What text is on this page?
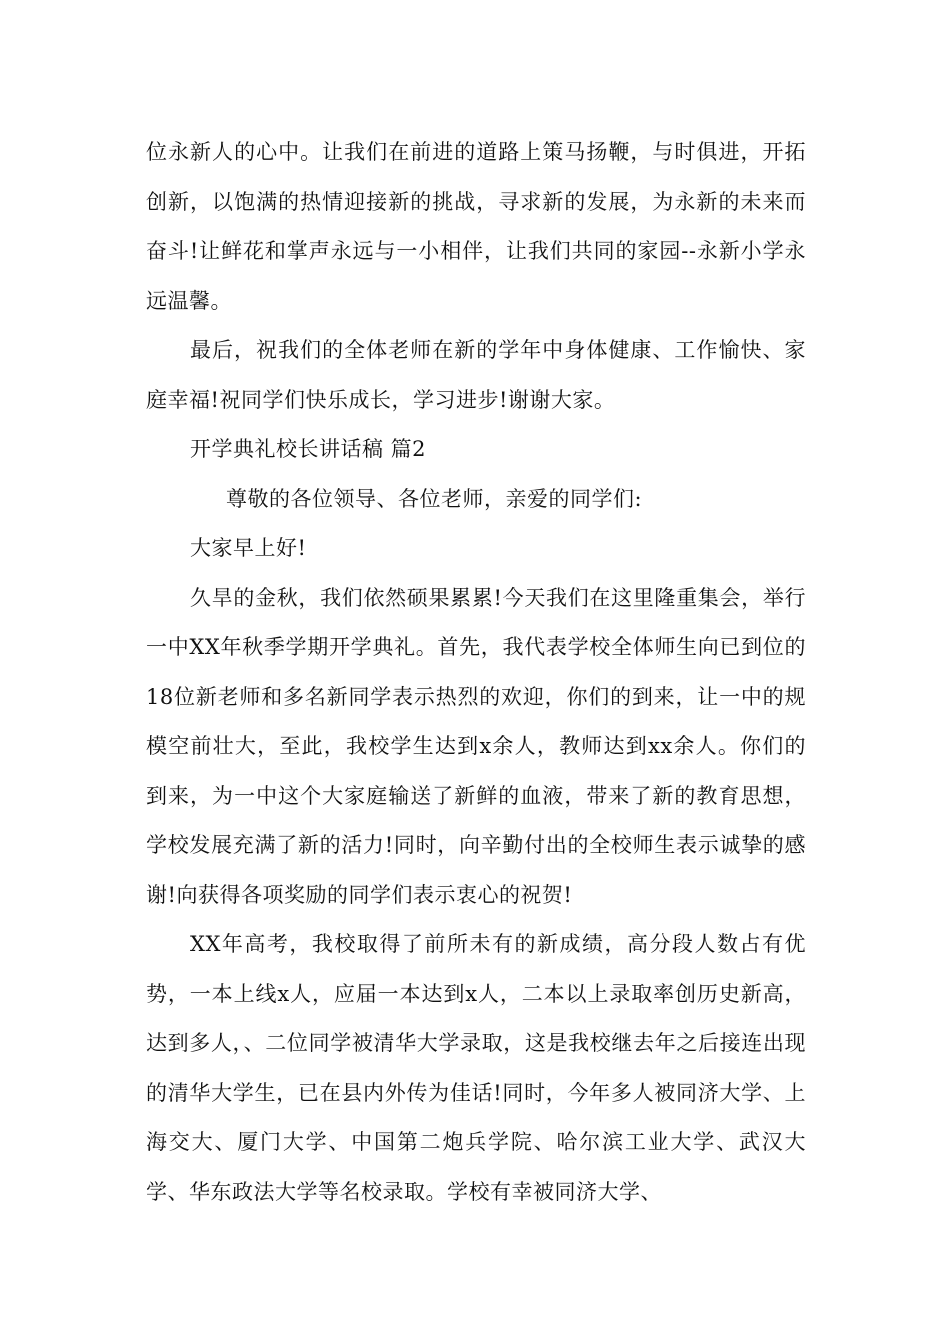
位永新人的心中。让我们在前进的道路上策马扬鞭，与时俱进，开拓创新，以饱满的热情迎接新的挑战，寻求新的发展，为永新的未来而奋斗!让鲜花和掌声永远与一小相伴，让我们共同的家园--永新小学永远温馨。

最后，祝我们的全体老师在新的学年中身体健康、工作愉快、家庭幸福!祝同学们快乐成长，学习进步!谢谢大家。

开学典礼校长讲话稿 篇2

尊敬的各位领导、各位老师，亲爱的同学们:

大家早上好!

久旱的金秋，我们依然硕果累累!今天我们在这里隆重集会，举行一中XX年秋季学期开学典礼。首先，我代表学校全体师生向已到位的18位新老师和多名新同学表示热烈的欢迎，你们的到来，让一中的规模空前壮大，至此，我校学生达到x余人，教师达到xx余人。你们的到来，为一中这个大家庭输送了新鲜的血液，带来了新的教育思想，学校发展充满了新的活力!同时，向辛勤付出的全校师生表示诚挚的感谢!向获得各项奖励的同学们表示衷心的祝贺!

XX年高考，我校取得了前所未有的新成绩，高分段人数占有优势，一本上线x人，应届一本达到x人，二本以上录取率创历史新高，达到多人，、二位同学被清华大学录取，这是我校继去年之后接连出现的清华大学生，已在县内外传为佳话!同时，今年多人被同济大学、上海交大、厦门大学、中国第二炮兵学院、哈尔滨工业大学、武汉大学、华东政法大学等名校录取。学校有幸被同济大学、
